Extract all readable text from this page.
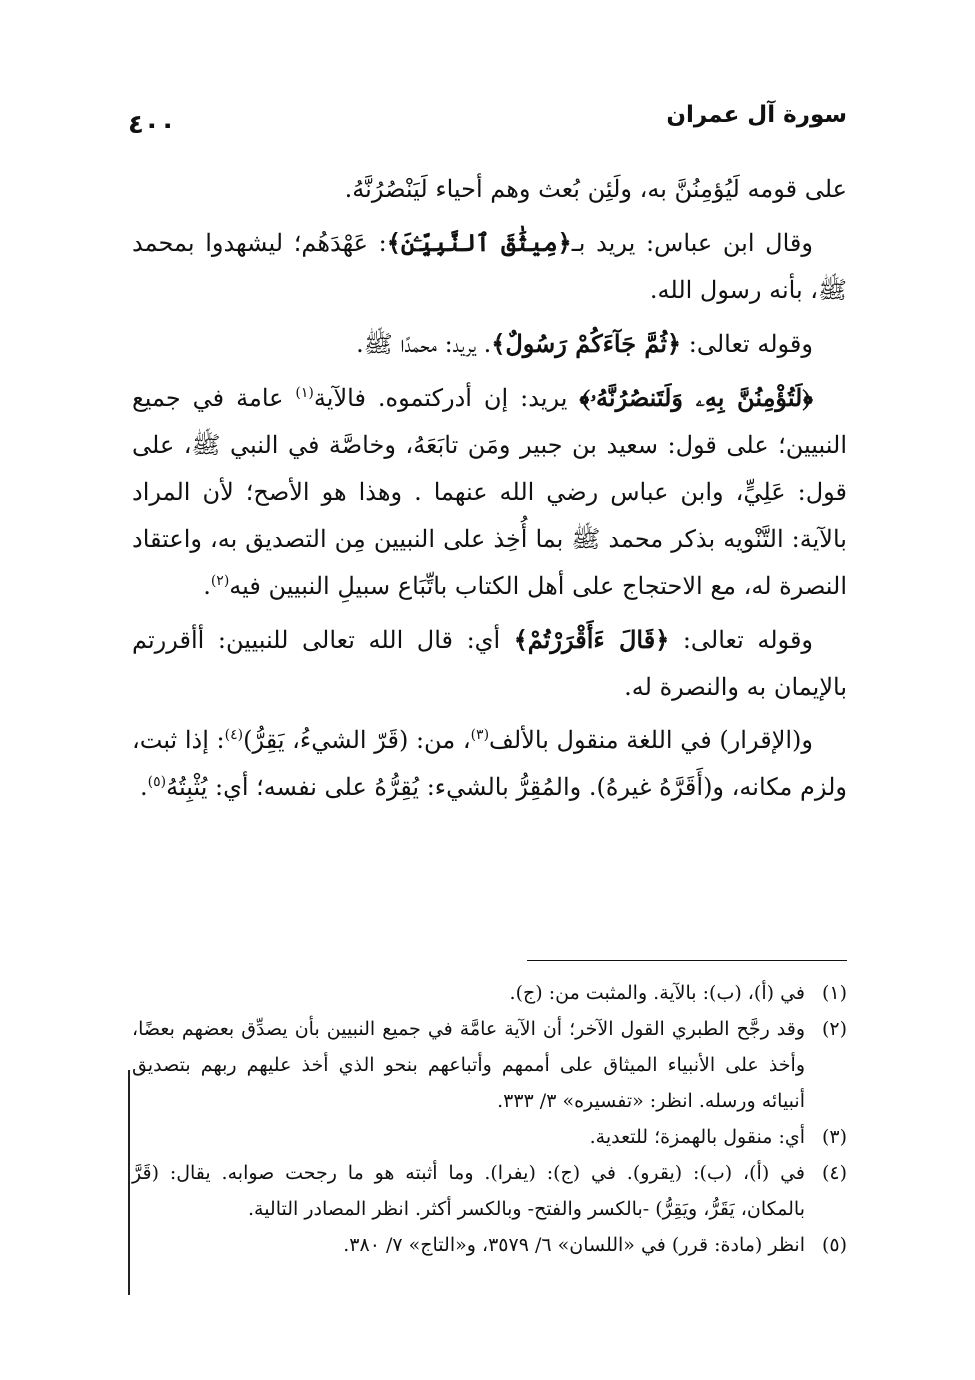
سورة آل عمران
٤٠٠

على قومه لَيُؤمِنُنَّ به، ولَئِن بُعث وهم أحياء لَيَنْصُرُنَّهُ.

وقال ابن عباس: يريد بـ﴿مِيثَٰقَ ٱلنَّبِيِّـۧنَ﴾: عَهْدَهُم؛ ليشهدوا بمحمد ﷺ، بأنه رسول الله.

وقوله تعالى: ﴿ثُمَّ جَآءَكُمْ رَسُولٌ﴾. يريد: محمدًا ﷺ.

﴿لَتُؤْمِنُنَّ بِهِۦ وَلَتَنصُرُنَّهُۥ﴾ يريد: إن أدركتموه. فالآية$^{(١)}$ عامة في جميع النبيين؛ على قول: سعيد بن جبير ومَن تابَعَهُ، وخاصَّة في النبي ﷺ، على قول: عَلِيٍّ، وابن عباس رضي الله عنهما . وهذا هو الأصح؛ لأن المراد بالآية: التَّنْويه بذكر محمد ﷺ بما أُخِذ على النبيين مِن التصديق به، واعتقاد النصرة له، مع الاحتجاج على أهل الكتاب باتِّبَاع سبيلِ النبيين فيه$^{(٢)}$.

وقوله تعالى: ﴿قَالَ ءَأَقْرَرْتُمْ﴾ أي: قال الله تعالى للنبيين: أأقررتم بالإيمان به والنصرة له.

و(الإقرار) في اللغة منقول بالألف$^{(٣)}$، من: (قَرّ الشيءُ، يَقِرُّ)$^{(٤)}$: إذا ثبت، ولزم مكانه، و(أَقَرَّهُ غيرهُ). والمُقِرُّ بالشيء: يُقِرُّهُ على نفسه؛ أي: يُثْبِتُهُ$^{(٥)}$.

(١)
في (أ)، (ب): بالآية. والمثبت من: (ج).
(٢)
وقد رجَّح الطبري القول الآخر؛ أن الآية عامَّة في جميع النبيين بأن يصدِّق بعضهم بعضًا، وأخذ على الأنبياء الميثاق على أممهم وأتباعهم بنحو الذي أخذ عليهم ربهم بتصديق أنبيائه ورسله. انظر: «تفسيره» ٣/ ٣٣٣.
(٣)
أي: منقول بالهمزة؛ للتعدية.
(٤)
في (أ)، (ب): (يقرو). في (ج): (يفرا). وما أثبته هو ما رجحت صوابه. يقال: (قَرَّ بالمكان، يَقَرُّ، ويَقِرُّ) -بالكسر والفتح- وبالكسر أكثر. انظر المصادر التالية.
(٥)
انظر (مادة: قرر) في «اللسان» ٦/ ٣٥٧٩، و«التاج» ٧/ ٣٨٠.
